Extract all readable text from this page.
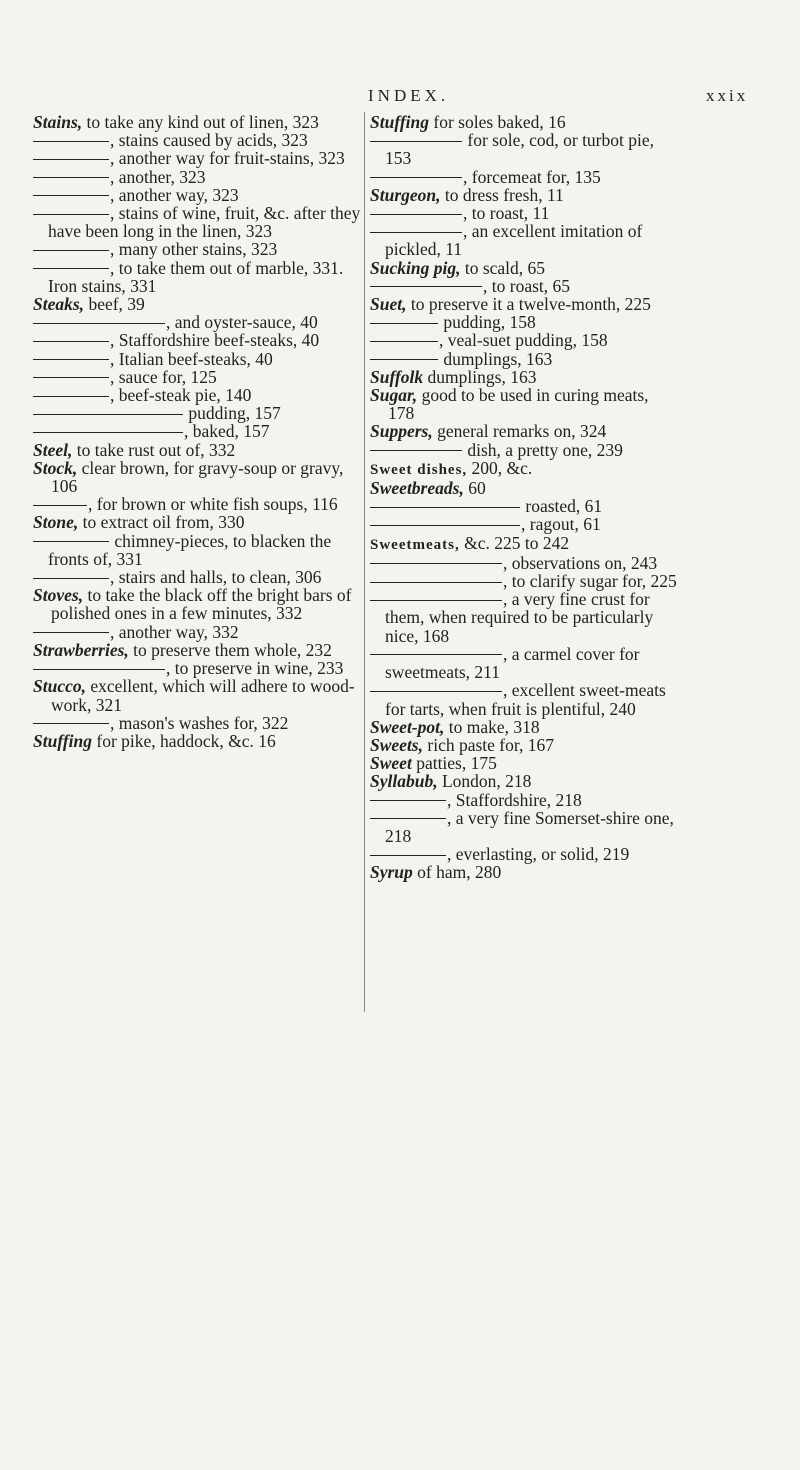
INDEX.	xxix

Stains, to take any kind out of linen, 323

, stains caused by acids, 323

, another way for fruit-stains, 323

, another, 323

, another way, 323

, stains of wine, fruit, &c. after they have been long in the linen, 323

, many other stains, 323

, to take them out of marble, 331. Iron stains, 331

Steaks, beef, 39

, and oyster-sauce, 40

, Staffordshire beef-steaks, 40

, Italian beef-steaks, 40

, sauce for, 125

, beef-steak pie, 140

pudding, 157

, baked, 157

Steel, to take rust out of, 332

Stock, clear brown, for gravy-soup or gravy, 106

, for brown or white fish soups, 116

Stone, to extract oil from, 330

chimney-pieces, to blacken the fronts of, 331

, stairs and halls, to clean, 306

Stoves, to take the black off the bright bars of polished ones in a few minutes, 332

, another way, 332

Strawberries, to preserve them whole, 232

, to preserve in wine, 233

Stucco, excellent, which will adhere to wood-work, 321

, mason's washes for, 322

Stuffing for pike, haddock, &c. 16

Stuffing for soles baked, 16

for sole, cod, or turbot pie, 153

, forcemeat for, 135

Sturgeon, to dress fresh, 11

, to roast, 11

, an excellent imitation of pickled, 11

Sucking pig, to scald, 65

, to roast, 65

Suet, to preserve it a twelve-month, 225

pudding, 158

, veal-suet pudding, 158

dumplings, 163

Suffolk dumplings, 163

Sugar, good to be used in curing meats, 178

Suppers, general remarks on, 324

dish, a pretty one, 239

Sweet dishes, 200, &c.

Sweetbreads, 60

roasted, 61

, ragout, 61

Sweetmeats, &c. 225 to 242

, observations on, 243

, to clarify sugar for, 225

, a very fine crust for them, when required to be particularly nice, 168

, a carmel cover for sweetmeats, 211

, excellent sweet-meats for tarts, when fruit is plentiful, 240

Sweet-pot, to make, 318

Sweets, rich paste for, 167

Sweet patties, 175

Syllabub, London, 218

, Staffordshire, 218

, a very fine Somerset-shire one, 218

, everlasting, or solid, 219

Syrup of ham, 280
